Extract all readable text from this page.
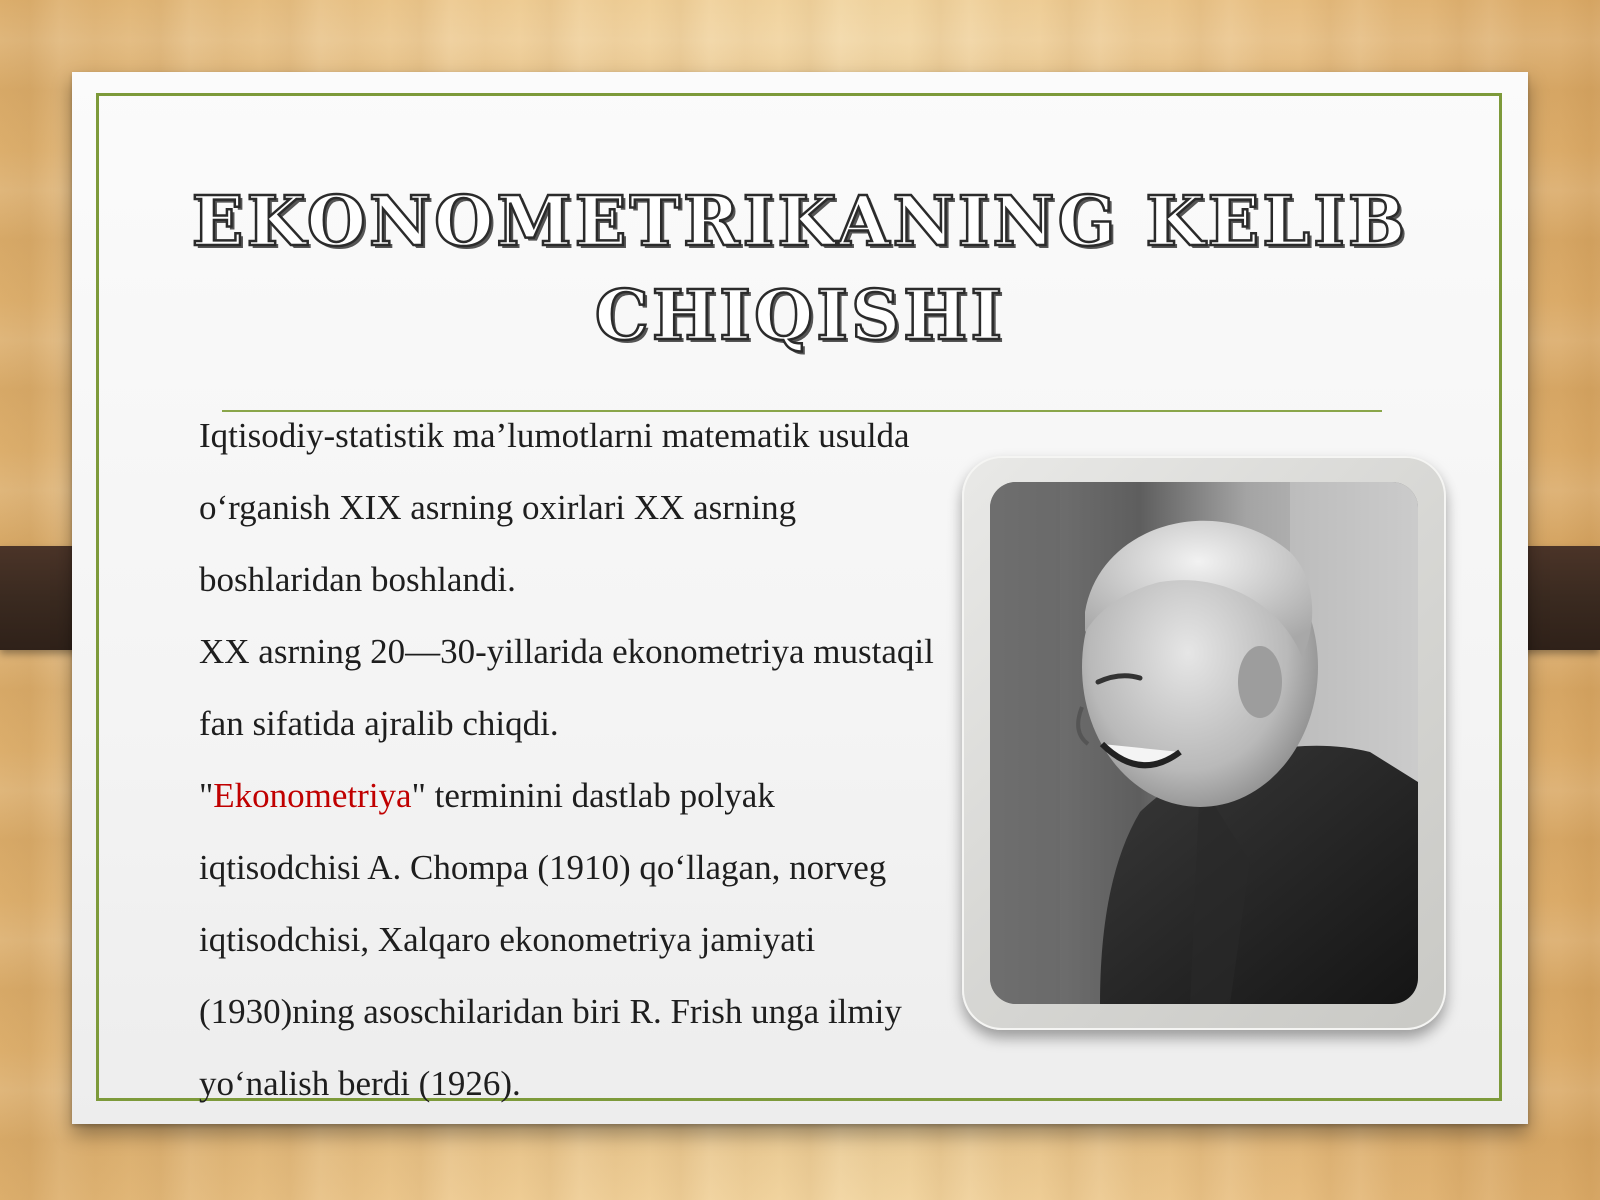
EKONOMETRIKANING KELIB
CHIQISHI

Iqtisodiy-statistik ma’lumotlarni matematik usulda o‘rganish XIX asrning oxirlari XX asrning boshlaridan boshlandi.

XX asrning 20—30-yillarida ekonometriya mustaqil fan sifatida ajralib chiqdi.

"Ekonometriya" terminini dastlab polyak iqtisodchisi A. Chompa (1910) qo‘llagan, norveg iqtisodchisi, Xalqaro ekonometriya jamiyati (1930)ning asoschilaridan biri R. Frish unga ilmiy yo‘nalish berdi (1926).
